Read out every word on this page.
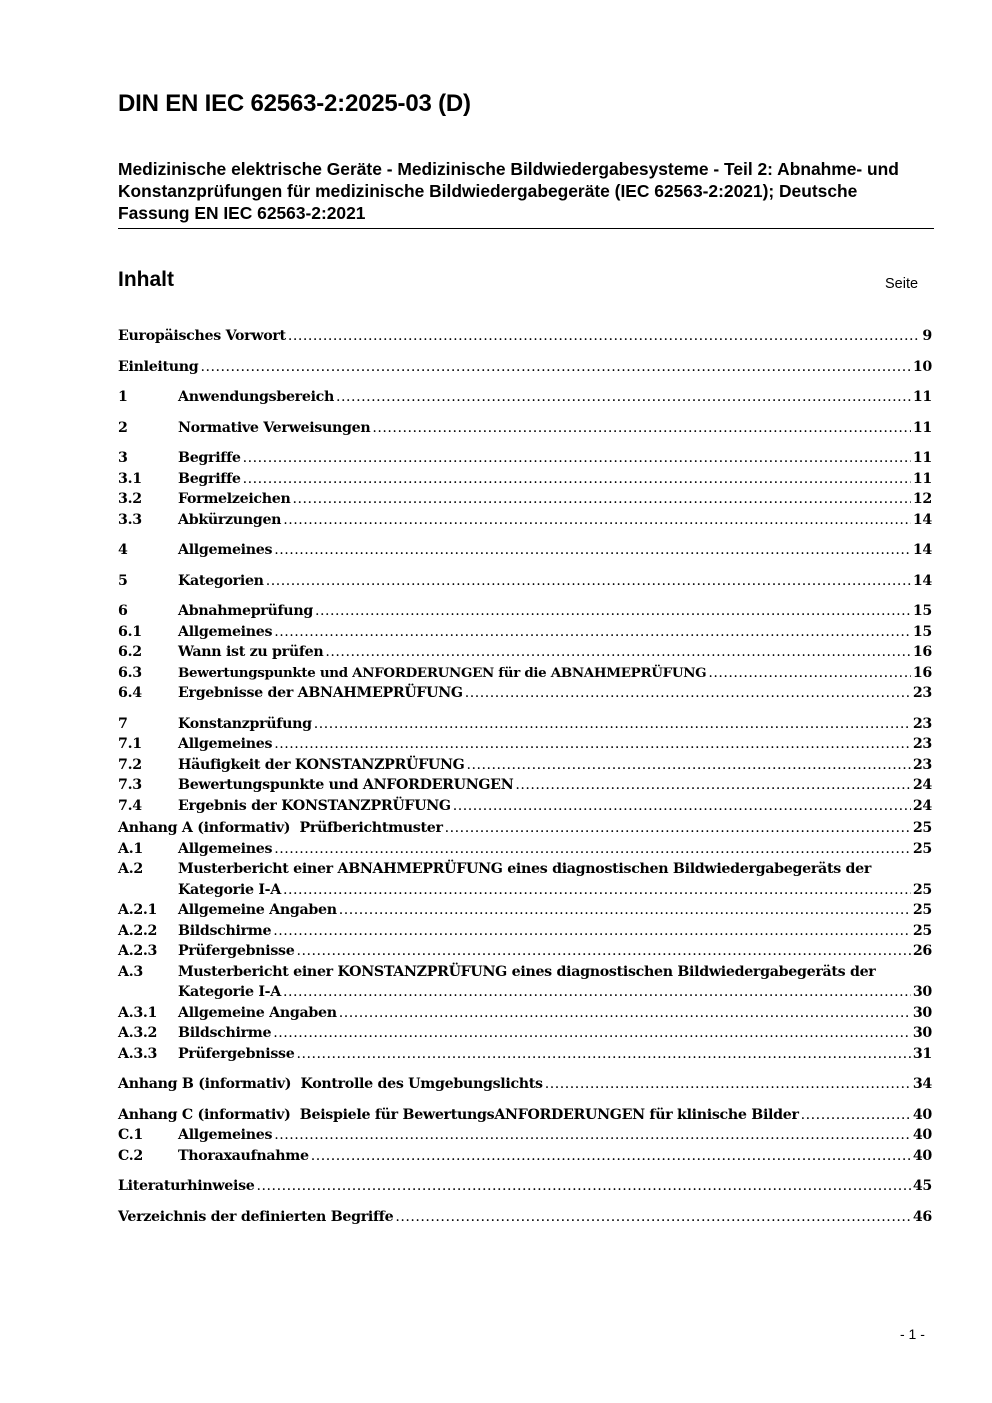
DIN EN IEC 62563-2:2025-03 (D)

Medizinische elektrische Geräte - Medizinische Bildwiedergabesysteme - Teil 2: Abnahme- und Konstanzprüfungen für medizinische Bildwiedergabegeräte (IEC 62563-2:2021); Deutsche Fassung EN IEC 62563-2:2021

Inhalt	Seite
Europäisches Vorwort .....	9
Einleitung .....	10
1	Anwendungsbereich .....	11
2	Normative Verweisungen .....	11
3	Begriffe .....	11
3.1	Begriffe .....	11
3.2	Formelzeichen .....	12
3.3	Abkürzungen .....	14
4	Allgemeines .....	14
5	Kategorien .....	14
6	Abnahmeprüfung .....	15
6.1	Allgemeines .....	15
6.2	Wann ist zu prüfen .....	16
6.3	Bewertungspunkte und ANFORDERUNGEN für die ABNAHMEPRÜFUNG .....	16
6.4	Ergebnisse der ABNAHMEPRÜFUNG .....	23
7	Konstanzprüfung .....	23
7.1	Allgemeines .....	23
7.2	Häufigkeit der KONSTANZPRÜFUNG .....	23
7.3	Bewertungspunkte und ANFORDERUNGEN .....	24
7.4	Ergebnis der KONSTANZPRÜFUNG .....	24
Anhang A (informativ)  Prüfberichtmuster .....	25
A.1	Allgemeines .....	25
A.2	Musterbericht einer ABNAHMEPRÜFUNG eines diagnostischen Bildwiedergabegeräts der
Kategorie I-A .....	25
A.2.1	Allgemeine Angaben .....	25
A.2.2	Bildschirme .....	25
A.2.3	Prüfergebnisse .....	26
A.3	Musterbericht einer KONSTANZPRÜFUNG eines diagnostischen Bildwiedergabegeräts der
Kategorie I-A .....	30
A.3.1	Allgemeine Angaben .....	30
A.3.2	Bildschirme .....	30
A.3.3	Prüfergebnisse .....	31
Anhang B (informativ)  Kontrolle des Umgebungslichts .....	34
Anhang C (informativ)  Beispiele für BewertungsANFORDERUNGEN für klinische Bilder .....	40
C.1	Allgemeines .....	40
C.2	Thoraxaufnahme .....	40
Literaturhinweise .....	45
Verzeichnis der definierten Begriffe .....	46
- 1 -
